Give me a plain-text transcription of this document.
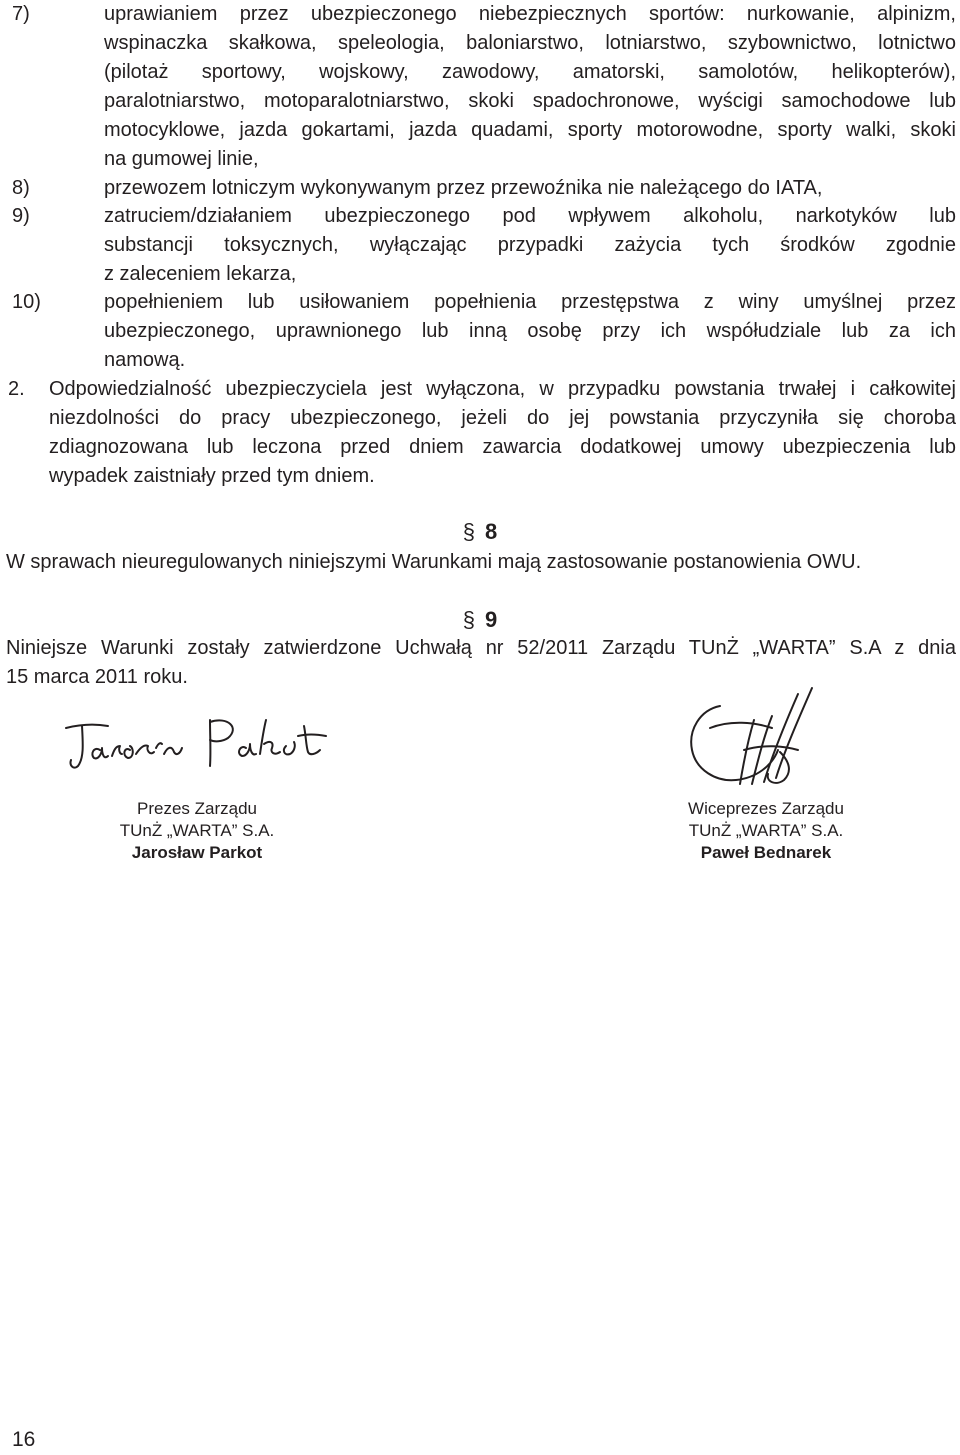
7)	uprawianiem przez ubezpieczonego niebezpiecznych sportów: nurkowanie, alpinizm,
wspinaczka skałkowa, speleologia, baloniarstwo, lotniarstwo, szybownictwo, lotnictwo
(pilotaż sportowy, wojskowy, zawodowy, amatorski, samolotów, helikopterów),
paralotniarstwo, motoparalotniarstwo, skoki spadochronowe, wyścigi samochodowe lub
motocyklowe, jazda gokartami, jazda quadami, sporty motorowodne, sporty walki, skoki
na gumowej linie,
8)	przewozem lotniczym wykonywanym przez przewoźnika nie należącego do IATA,
9)	zatruciem/działaniem ubezpieczonego pod wpływem alkoholu, narkotyków lub
substancji toksycznych, wyłączając przypadki zażycia tych środków zgodnie
z zaleceniem lekarza,
10)	popełnieniem lub usiłowaniem popełnienia przestępstwa z winy umyślnej przez
ubezpieczonego, uprawnionego lub inną osobę przy ich współudziale lub za ich
namową.
2. Odpowiedzialność ubezpieczyciela jest wyłączona, w przypadku powstania trwałej i całkowitej
niezdolności do pracy ubezpieczonego, jeżeli do jej powstania przyczyniła się choroba
zdiagnozowana lub leczona przed dniem zawarcia dodatkowej umowy ubezpieczenia lub
wypadek zaistniały przed tym dniem.
§ 8
W sprawach nieuregulowanych niniejszymi Warunkami mają zastosowanie postanowienia OWU.
§ 9
Niniejsze Warunki zostały zatwierdzone Uchwałą nr 52/2011 Zarządu TUnŻ „WARTA” S.A z dnia
15 marca 2011 roku.
Prezes Zarządu
TUnŻ „WARTA” S.A.
Jarosław Parkot
Wiceprezes Zarządu
TUnŻ „WARTA” S.A.
Paweł Bednarek
16
